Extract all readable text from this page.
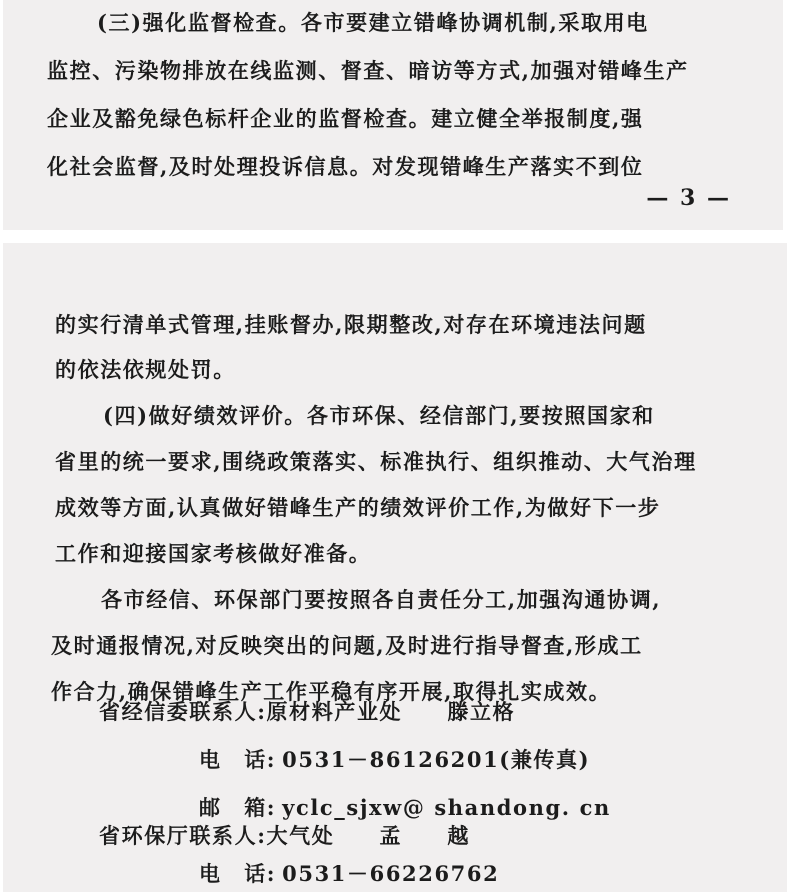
(三)强化监督检查。各市要建立错峰协调机制,采取用电
监控、污染物排放在线监测、督查、暗访等方式,加强对错峰生产
企业及豁免绿色标杆企业的监督检查。建立健全举报制度,强
化社会监督,及时处理投诉信息。对发现错峰生产落实不到位
— 3 —
的实行清单式管理,挂账督办,限期整改,对存在环境违法问题
的依法依规处罚。
(四)做好绩效评价。各市环保、经信部门,要按照国家和
省里的统一要求,围绕政策落实、标准执行、组织推动、大气治理
成效等方面,认真做好错峰生产的绩效评价工作,为做好下一步
工作和迎接国家考核做好准备。
各市经信、环保部门要按照各自责任分工,加强沟通协调,
及时通报情况,对反映突出的问题,及时进行指导督查,形成工
作合力,确保错峰生产工作平稳有序开展,取得扎实成效。
省经信委联系人:原材料产业处　　滕立格
电　话: 0531－86126201(兼传真)
邮　箱: yclc_sjxw@ shandong. cn
省环保厅联系人:大气处　　孟　　越
电　话: 0531－66226762
